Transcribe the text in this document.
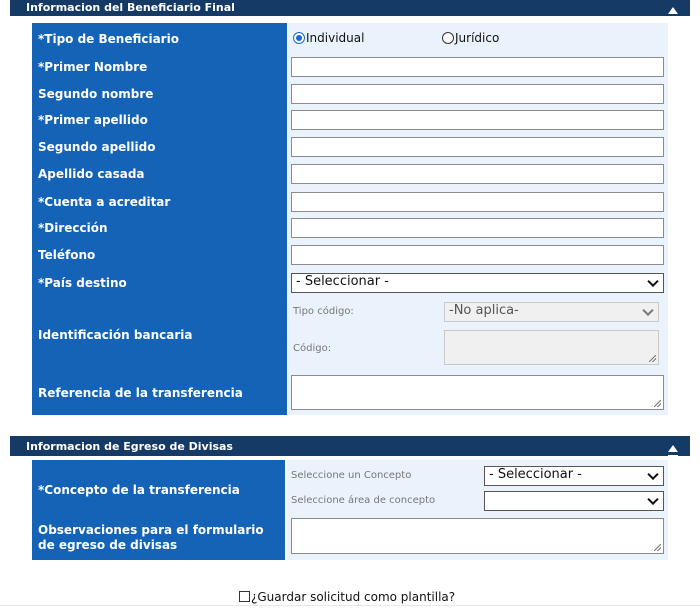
Informacion del Beneficiario Final
*Tipo de Beneficiario	Individual	Jurídico
*Primer Nombre
Segundo nombre
*Primer apellido
Segundo apellido
Apellido casada
*Cuenta a acreditar
*Dirección
Teléfono
*País destino	- Seleccionar -
Identificación bancaria
Tipo código:	-No aplica-
Código:
Referencia de la transferencia
Informacion de Egreso de Divisas
*Concepto de la transferencia
Seleccione un Concepto	- Seleccionar -
Seleccione área de concepto
Observaciones para el formulario
de egreso de divisas
¿Guardar solicitud como plantilla?
